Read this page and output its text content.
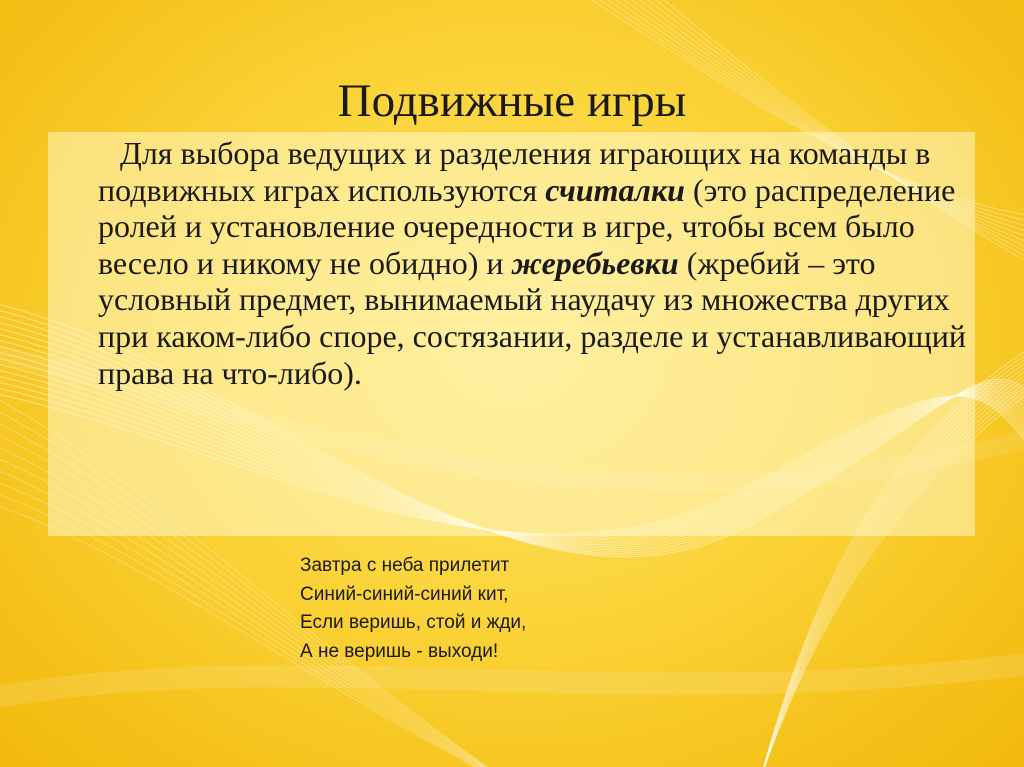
Подвижные игры

Для выбора ведущих и разделения играющих на команды в подвижных играх используются считалки (это распределение ролей и установление очередности в игре, чтобы всем было весело и никому не обидно) и жеребьевки (жребий – это условный предмет, вынимаемый наудачу из множества других при каком-либо споре, состязании, разделе и устанавливающий права на что-либо).

Завтра с неба прилетит
Синий-синий-синий кит,
Если веришь, стой и жди,
А не веришь - выходи!
